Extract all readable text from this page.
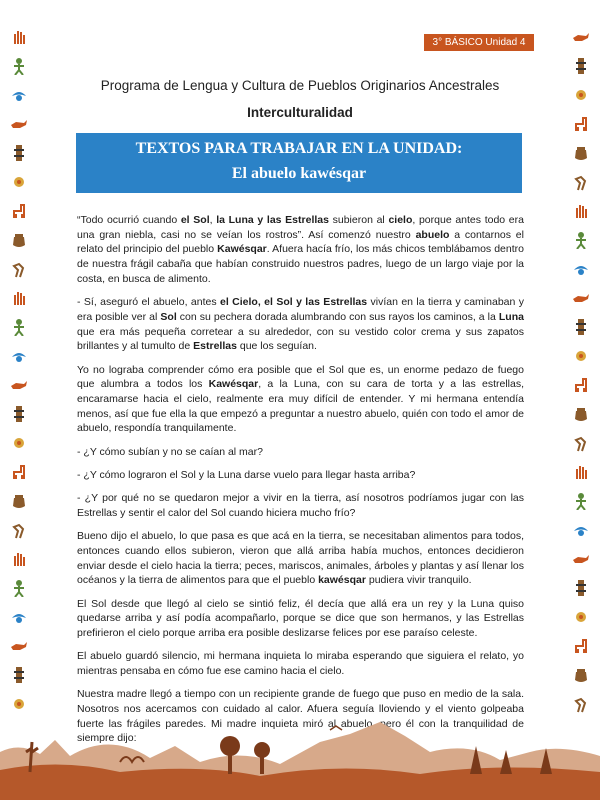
3° BÁSICO Unidad 4
Programa de Lengua y Cultura de Pueblos Originarios Ancestrales
Interculturalidad
TEXTOS PARA TRABAJAR EN LA UNIDAD:
El abuelo kawésqar

“Todo ocurrió cuando el Sol, la Luna y las Estrellas subieron al cielo, porque antes todo era una gran niebla, casi no se veían los rostros”. Así comenzó nuestro abuelo a contarnos el relato del principio del pueblo Kawésqar. Afuera hacía frío, los más chicos temblábamos dentro de nuestra frágil cabaña que habían construido nuestros padres, luego de un largo viaje por la costa, en busca de alimento.

- Sí, aseguró el abuelo, antes el Cielo, el Sol y las Estrellas vivían en la tierra y caminaban y era posible ver al Sol con su pechera dorada alumbrando con sus rayos los caminos, a la Luna que era más pequeña corretear a su alrededor, con su vestido color crema y sus zapatos brillantes y al tumulto de Estrellas que los seguían.

Yo no lograba comprender cómo era posible que el Sol que es, un enorme pedazo de fuego que alumbra a todos los Kawésqar, a la Luna, con su cara de torta y a las estrellas, encaramarse hacia el cielo, realmente era muy difícil de entender. Y mi hermana entendía menos, así que fue ella la que empezó a preguntar a nuestro abuelo, quién con todo el amor de abuelo, respondía tranquilamente.

- ¿Y cómo subían y no se caían al mar?

- ¿Y cómo lograron el Sol y la Luna darse vuelo para llegar hasta arriba?

- ¿Y por qué no se quedaron mejor a vivir en la tierra, así nosotros podríamos jugar con las Estrellas y sentir el calor del Sol cuando hiciera mucho frío?

Bueno dijo el abuelo, lo que pasa es que acá en la tierra, se necesitaban alimentos para todos, entonces cuando ellos subieron, vieron que allá arriba había muchos, entonces decidieron enviar desde el cielo hacia la tierra; peces, mariscos, animales, árboles y plantas y así llenar los océanos y la tierra de alimentos para que el pueblo kawésqar pudiera vivir tranquilo.

El Sol desde que llegó al cielo se sintió feliz, él decía que allá era un rey y la Luna quiso quedarse arriba y así podía acompañarlo, porque se dice que son hermanos, y las Estrellas prefirieron el cielo porque arriba era posible deslizarse felices por ese paraíso celeste.

El abuelo guardó silencio, mi hermana inquieta lo miraba esperando que siguiera el relato, yo mientras pensaba en cómo fue ese camino hacia el cielo.

Nuestra madre llegó a tiempo con un recipiente grande de fuego que puso en medio de la sala. Nosotros nos acercamos con cuidado al calor. Afuera seguía lloviendo y el viento golpeaba fuerte las frágiles paredes. Mi madre inquieta miró al abuelo, pero él con la tranquilidad de siempre dijo:
